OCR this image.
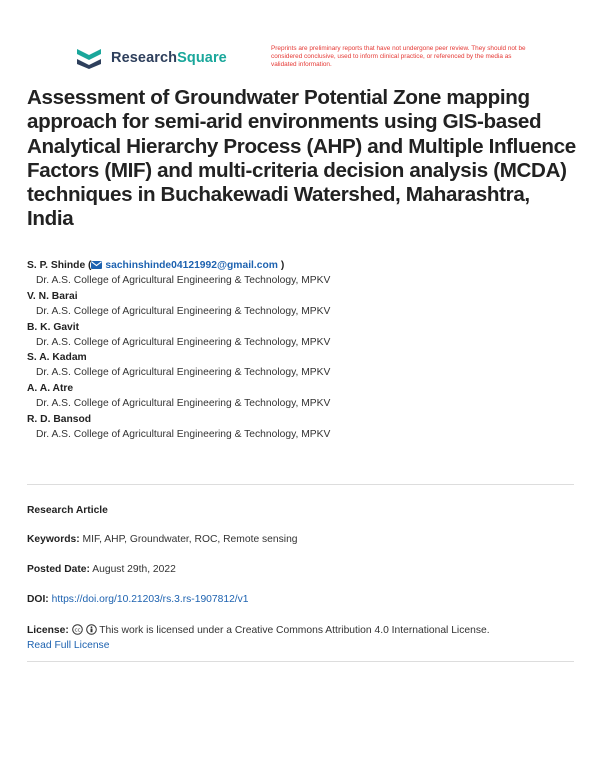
ResearchSquare
Preprints are preliminary reports that have not undergone peer review. They should not be considered conclusive, used to inform clinical practice, or referenced by the media as validated information.
Assessment of Groundwater Potential Zone mapping approach for semi-arid environments using GIS-based Analytical Hierarchy Process (AHP) and Multiple Influence Factors (MIF) and multi-criteria decision analysis (MCDA) techniques in Buchakewadi Watershed, Maharashtra, India
S. P. Shinde ( sachinshinde04121992@gmail.com )
Dr. A.S. College of Agricultural Engineering & Technology, MPKV
V. N. Barai
Dr. A.S. College of Agricultural Engineering & Technology, MPKV
B. K. Gavit
Dr. A.S. College of Agricultural Engineering & Technology, MPKV
S. A. Kadam
Dr. A.S. College of Agricultural Engineering & Technology, MPKV
A. A. Atre
Dr. A.S. College of Agricultural Engineering & Technology, MPKV
R. D. Bansod
Dr. A.S. College of Agricultural Engineering & Technology, MPKV
Research Article
Keywords: MIF, AHP, Groundwater, ROC, Remote sensing
Posted Date: August 29th, 2022
DOI: https://doi.org/10.21203/rs.3.rs-1907812/v1
License: cc This work is licensed under a Creative Commons Attribution 4.0 International License.
Read Full License
